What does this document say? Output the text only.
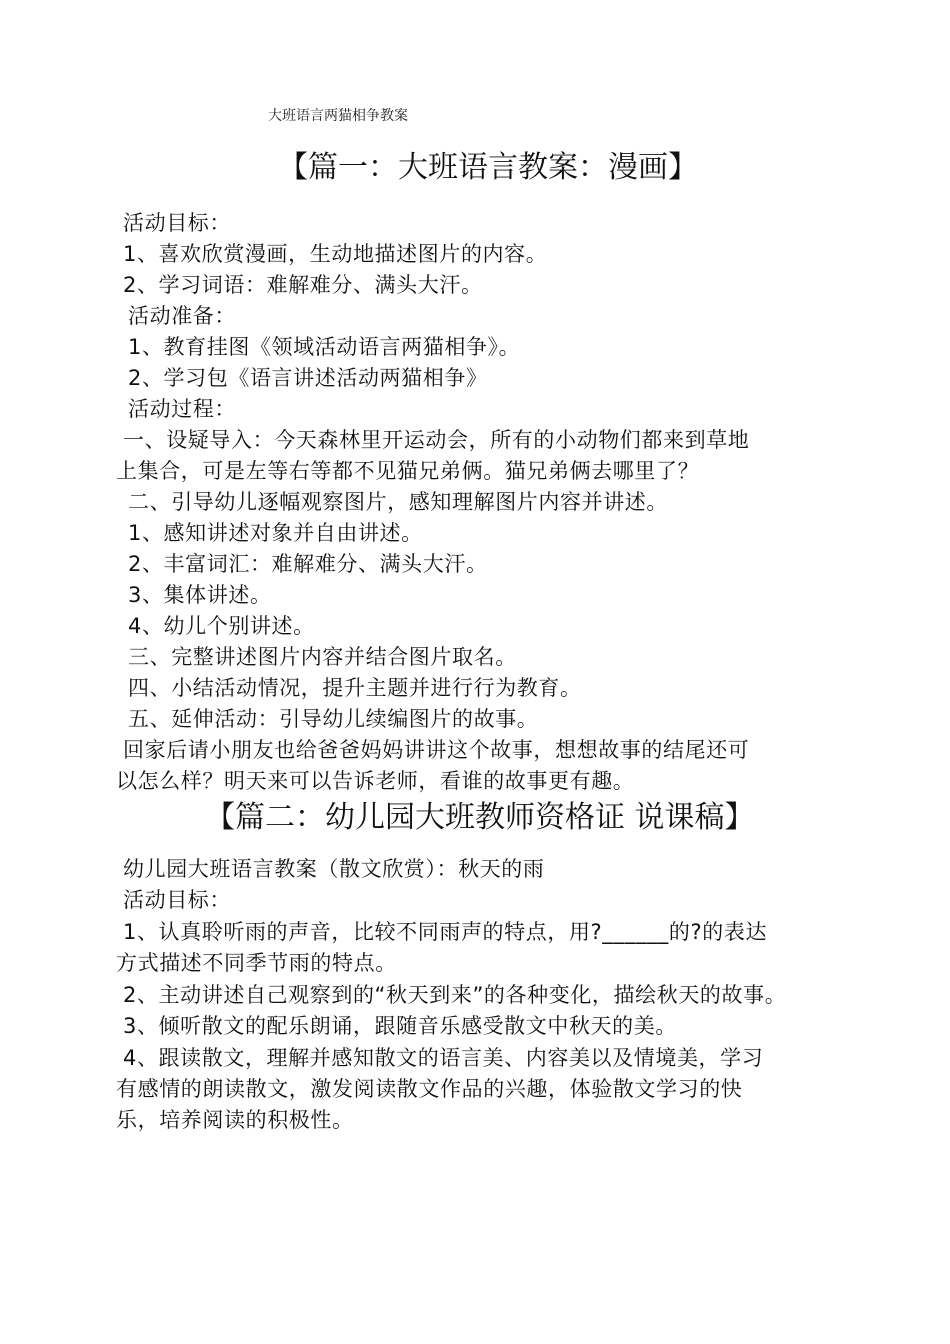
大班语言两猫相争教案
【篇一：大班语言教案：漫画】
活动目标：
1、喜欢欣赏漫画，生动地描述图片的内容。
2、学习词语：难解难分、满头大汗。
活动准备：
1、教育挂图《领域活动语言两猫相争》。
2、学习包《语言讲述活动两猫相争》
活动过程：
一、设疑导入：今天森林里开运动会，所有的小动物们都来到草地
上集合，可是左等右等都不见猫兄弟俩。猫兄弟俩去哪里了？
二、引导幼儿逐幅观察图片，感知理解图片内容并讲述。
1、感知讲述对象并自由讲述。
2、丰富词汇：难解难分、满头大汗。
3、集体讲述。
4、幼儿个别讲述。
三、完整讲述图片内容并结合图片取名。
四、小结活动情况，提升主题并进行行为教育。
五、延伸活动：引导幼儿续编图片的故事。
回家后请小朋友也给爸爸妈妈讲讲这个故事，想想故事的结尾还可
以怎么样？明天来可以告诉老师，看谁的故事更有趣。
【篇二：幼儿园大班教师资格证 说课稿】
幼儿园大班语言教案（散文欣赏）：秋天的雨
活动目标：
1、认真聆听雨的声音，比较不同雨声的特点，用?______的?的表达
方式描述不同季节雨的特点。
2、主动讲述自己观察到的“秋天到来”的各种变化，描绘秋天的故事。
3、倾听散文的配乐朗诵，跟随音乐感受散文中秋天的美。
4、跟读散文，理解并感知散文的语言美、内容美以及情境美，学习
有感情的朗读散文，激发阅读散文作品的兴趣，体验散文学习的快
乐，培养阅读的积极性。
